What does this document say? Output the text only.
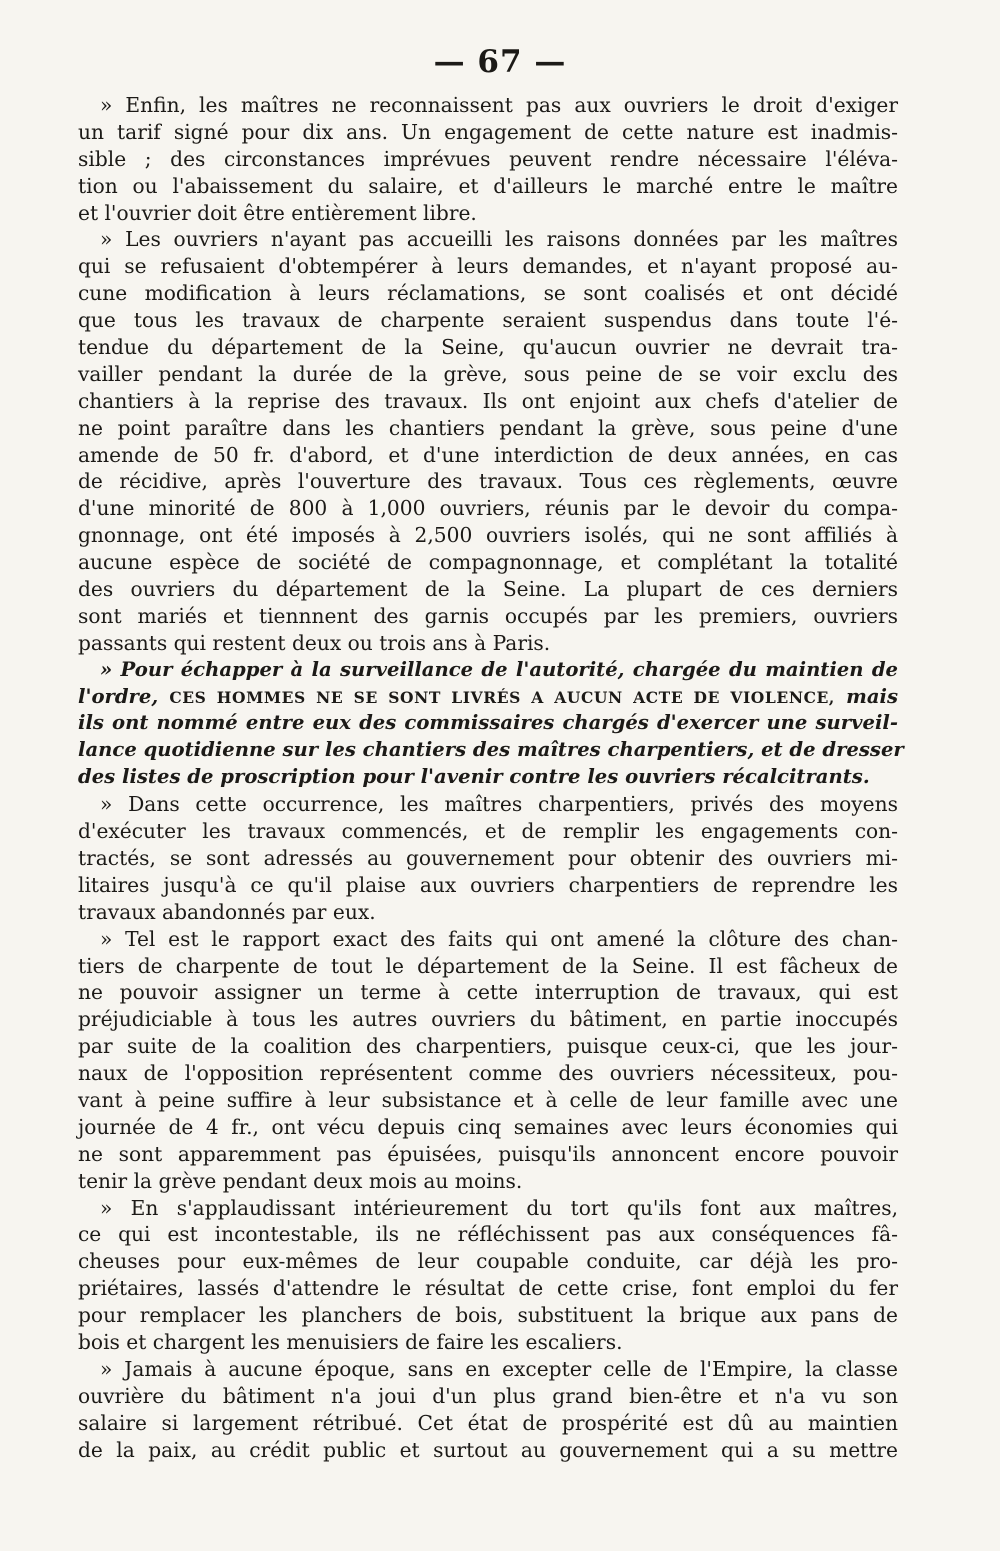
— 67 —
» Enfin, les maîtres ne reconnaissent pas aux ouvriers le droit d'exiger
un tarif signé pour dix ans. Un engagement de cette nature est inadmis-
sible ; des circonstances imprévues peuvent rendre nécessaire l'éléva-
tion ou l'abaissement du salaire, et d'ailleurs le marché entre le maître
et l'ouvrier doit être entièrement libre.
» Les ouvriers n'ayant pas accueilli les raisons données par les maîtres
qui se refusaient d'obtempérer à leurs demandes, et n'ayant proposé au-
cune modification à leurs réclamations, se sont coalisés et ont décidé
que tous les travaux de charpente seraient suspendus dans toute l'é-
tendue du département de la Seine, qu'aucun ouvrier ne devrait tra-
vailler pendant la durée de la grève, sous peine de se voir exclu des
chantiers à la reprise des travaux. Ils ont enjoint aux chefs d'atelier de
ne point paraître dans les chantiers pendant la grève, sous peine d'une
amende de 50 fr. d'abord, et d'une interdiction de deux années, en cas
de récidive, après l'ouverture des travaux. Tous ces règlements, œuvre
d'une minorité de 800 à 1,000 ouvriers, réunis par le devoir du compa-
gnonnage, ont été imposés à 2,500 ouvriers isolés, qui ne sont affiliés à
aucune espèce de société de compagnonnage, et complétant la totalité
des ouvriers du département de la Seine. La plupart de ces derniers
sont mariés et tiennnent des garnis occupés par les premiers, ouvriers
passants qui restent deux ou trois ans à Paris.
» Pour échapper à la surveillance de l'autorité, chargée du maintien de
l'ordre, CES HOMMES NE SE SONT LIVRÉS A AUCUN ACTE DE VIOLENCE, mais
ils ont nommé entre eux des commissaires chargés d'exercer une surveil-
lance quotidienne sur les chantiers des maîtres charpentiers, et de dresser
des listes de proscription pour l'avenir contre les ouvriers récalcitrants.
» Dans cette occurrence, les maîtres charpentiers, privés des moyens
d'exécuter les travaux commencés, et de remplir les engagements con-
tractés, se sont adressés au gouvernement pour obtenir des ouvriers mi-
litaires jusqu'à ce qu'il plaise aux ouvriers charpentiers de reprendre les
travaux abandonnés par eux.
» Tel est le rapport exact des faits qui ont amené la clôture des chan-
tiers de charpente de tout le département de la Seine. Il est fâcheux de
ne pouvoir assigner un terme à cette interruption de travaux, qui est
préjudiciable à tous les autres ouvriers du bâtiment, en partie inoccupés
par suite de la coalition des charpentiers, puisque ceux-ci, que les jour-
naux de l'opposition représentent comme des ouvriers nécessiteux, pou-
vant à peine suffire à leur subsistance et à celle de leur famille avec une
journée de 4 fr., ont vécu depuis cinq semaines avec leurs économies qui
ne sont apparemment pas épuisées, puisqu'ils annoncent encore pouvoir
tenir la grève pendant deux mois au moins.
» En s'applaudissant intérieurement du tort qu'ils font aux maîtres,
ce qui est incontestable, ils ne réfléchissent pas aux conséquences fâ-
cheuses pour eux-mêmes de leur coupable conduite, car déjà les pro-
priétaires, lassés d'attendre le résultat de cette crise, font emploi du fer
pour remplacer les planchers de bois, substituent la brique aux pans de
bois et chargent les menuisiers de faire les escaliers.
» Jamais à aucune époque, sans en excepter celle de l'Empire, la classe
ouvrière du bâtiment n'a joui d'un plus grand bien-être et n'a vu son
salaire si largement rétribué. Cet état de prospérité est dû au maintien
de la paix, au crédit public et surtout au gouvernement qui a su mettre
